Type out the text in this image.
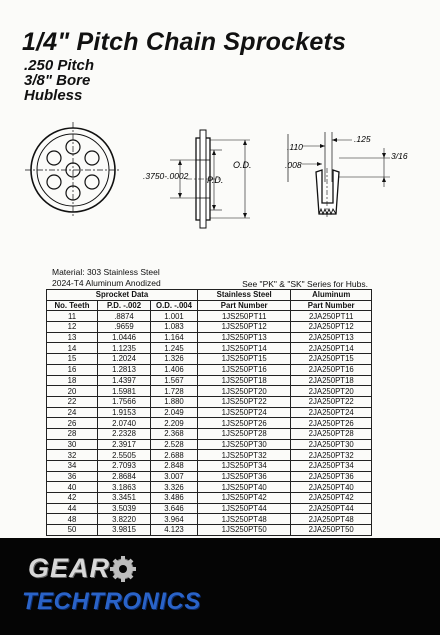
1/4" Pitch Chain Sprockets
.250 Pitch
3/8" Bore
Hubless
P.D.
O.D.
.3750-.0002
.110
.125
.008
3/16
Material: 303 Stainless Steel
2024-T4 Aluminum Anodized	See "PK" & "SK" Series for Hubs.
Sprocket Data			Stainless Steel	Aluminum
No. Teeth	P.D. -.002	O.D. -.004	Part Number	Part Number
11	.8874	1.001	1JS250PT11	2JA250PT11
12	.9659	1.083	1JS250PT12	2JA250PT12
13	1.0446	1.164	1JS250PT13	2JA250PT13
14	1.1235	1.245	1JS250PT14	2JA250PT14
15	1.2024	1.326	1JS250PT15	2JA250PT15
16	1.2813	1.406	1JS250PT16	2JA250PT16
18	1.4397	1.567	1JS250PT18	2JA250PT18
20	1.5981	1.728	1JS250PT20	2JA250PT20
22	1.7566	1.880	1JS250PT22	2JA250PT22
24	1.9153	2.049	1JS250PT24	2JA250PT24
26	2.0740	2.209	1JS250PT26	2JA250PT26
28	2.2328	2.368	1JS250PT28	2JA250PT28
30	2.3917	2.528	1JS250PT30	2JA250PT30
32	2.5505	2.688	1JS250PT32	2JA250PT32
34	2.7093	2.848	1JS250PT34	2JA250PT34
36	2.8684	3.007	1JS250PT36	2JA250PT36
40	3.1863	3.326	1JS250PT40	2JA250PT40
42	3.3451	3.486	1JS250PT42	2JA250PT42
44	3.5039	3.646	1JS250PT44	2JA250PT44
48	3.8220	3.964	1JS250PT48	2JA250PT48
50	3.9815	4.123	1JS250PT50	2JA250PT50
GEAR
TECHTRONICS
